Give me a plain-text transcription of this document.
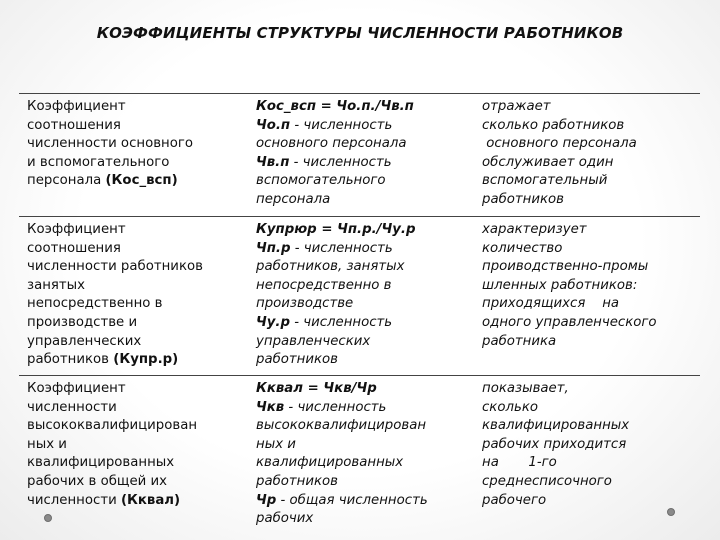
КОЭФФИЦИЕНТЫ СТРУКТУРЫ ЧИСЛЕННОСТИ РАБОТНИКОВ
Коэффициент
соотношения
численности основного
и вспомогательного
персонала (Кос_всп)
Кос_всп = Чо.п./Чв.п
Чо.п - численность
основного персонала
Чв.п - численность
вспомогательного
персонала
отражает
сколько работников
основного персонала
обслуживает один
вспомогательный
работников
Коэффициент
соотношения
численности работников
занятых
непосредственно в
производстве и
управленческих
работников (Купр.р)
Купрюр = Чп.р./Чу.р
Чп.р - численность
работников, занятых
непосредственно в
производстве
Чу.р - численность
управленческих
работников
характеризует
количество
проиводственно-промы
шленных работников:
приходящихся    на
одного управленческого
работника
Коэффициент
численности
высококвалифицирован
ных и
квалифицированных
рабочих в общей их
численности (Кквал)
Кквал = Чкв/Чр
Чкв - численность
высококвалифицирован
ных и
квалифицированных
работников
Чр - общая численность
рабочих
показывает,
сколько
квалифицированных
рабочих приходится
на       1-го
среднесписочного
рабочего
